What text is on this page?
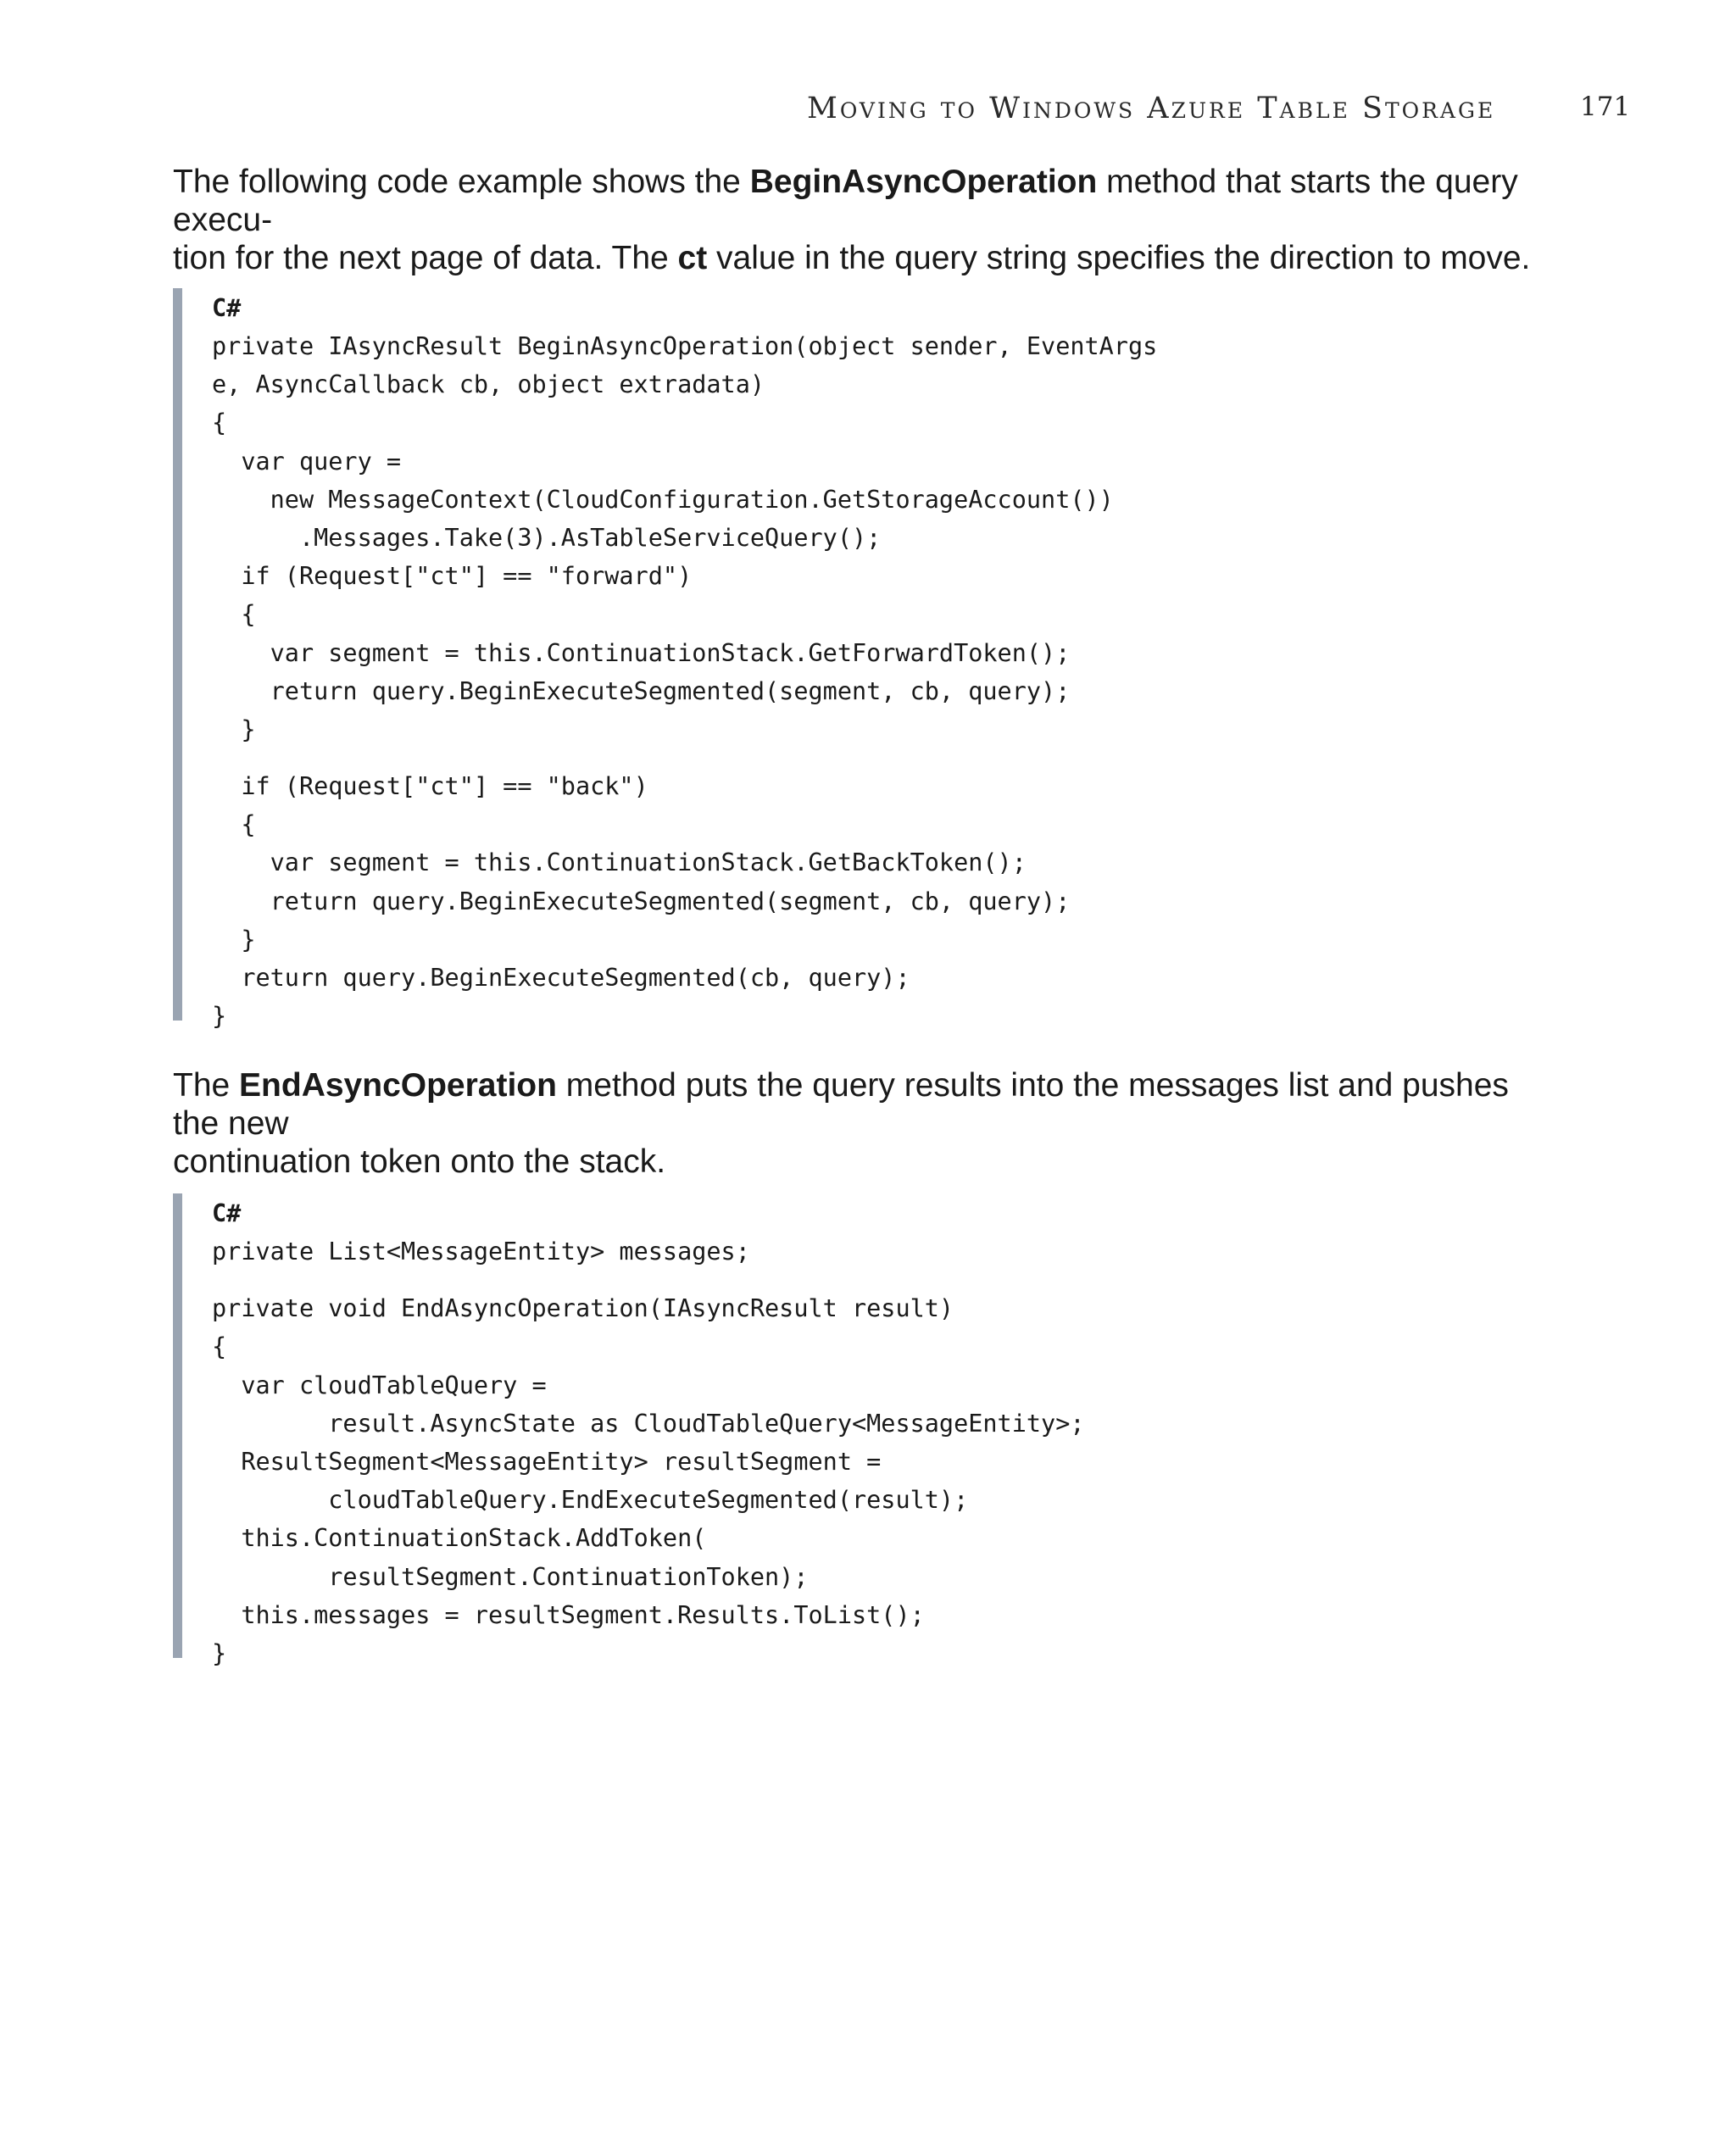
Moving to Windows Azure Table Storage	171

The following code example shows the BeginAsyncOperation method that starts the query execu-
tion for the next page of data. The ct value in the query string specifies the direction to move.

C#
private IAsyncResult BeginAsyncOperation(object sender, EventArgs
e, AsyncCallback cb, object extradata)
{
var query =
new MessageContext(CloudConfiguration.GetStorageAccount())
.Messages.Take(3).AsTableServiceQuery();
if (Request["ct"] == "forward")
{
var segment = this.ContinuationStack.GetForwardToken();
return query.BeginExecuteSegmented(segment, cb, query);
}
if (Request["ct"] == "back")
{
var segment = this.ContinuationStack.GetBackToken();
return query.BeginExecuteSegmented(segment, cb, query);
}
return query.BeginExecuteSegmented(cb, query);
}

The EndAsyncOperation method puts the query results into the messages list and pushes the new
continuation token onto the stack.

C#
private List<MessageEntity> messages;
private void EndAsyncOperation(IAsyncResult result)
{
var cloudTableQuery =
result.AsyncState as CloudTableQuery<MessageEntity>;
ResultSegment<MessageEntity> resultSegment =
cloudTableQuery.EndExecuteSegmented(result);
this.ContinuationStack.AddToken(
resultSegment.ContinuationToken);
this.messages = resultSegment.Results.ToList();
}
